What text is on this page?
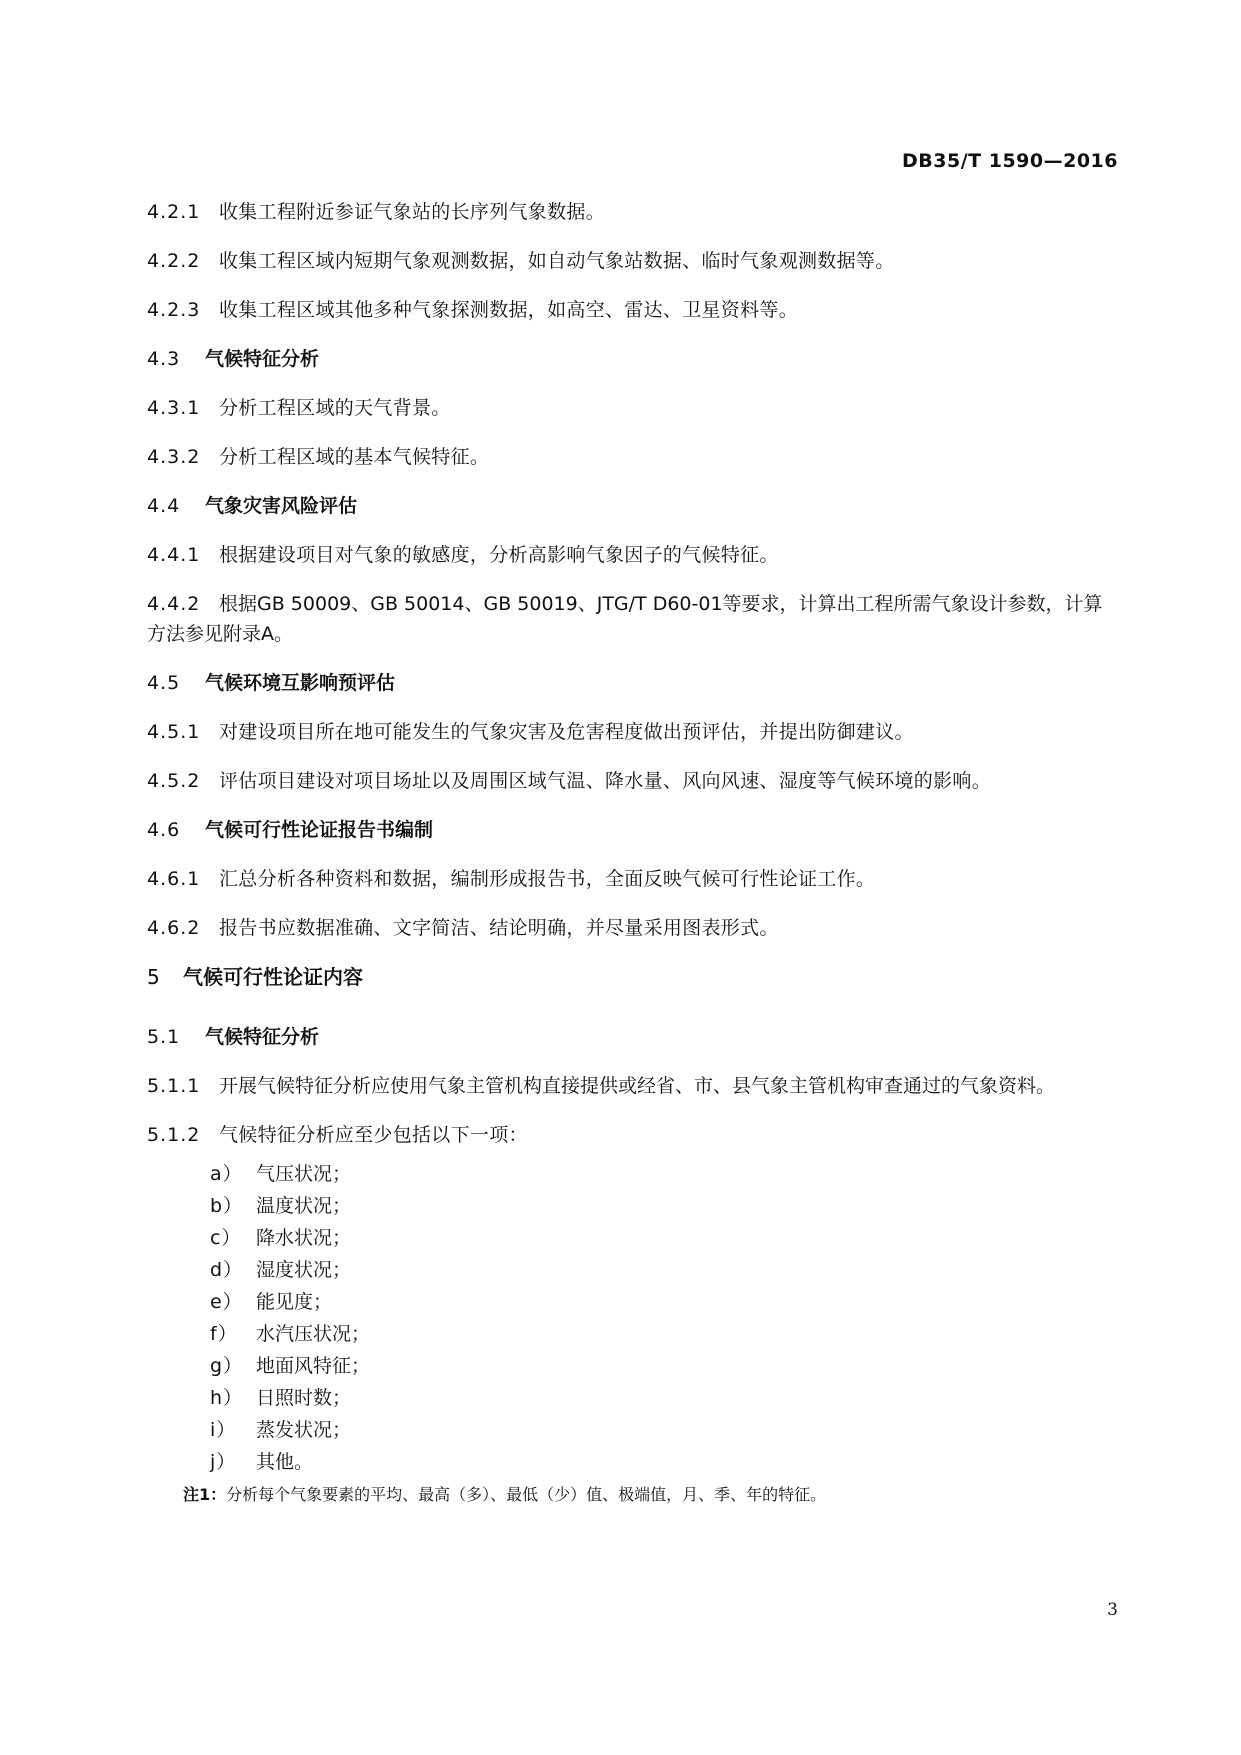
DB35/T 1590—2016
4.2.1 收集工程附近参证气象站的长序列气象数据。
4.2.2 收集工程区域内短期气象观测数据，如自动气象站数据、临时气象观测数据等。
4.2.3 收集工程区域其他多种气象探测数据，如高空、雷达、卫星资料等。
4.3 气候特征分析
4.3.1 分析工程区域的天气背景。
4.3.2 分析工程区域的基本气候特征。
4.4 气象灾害风险评估
4.4.1 根据建设项目对气象的敏感度，分析高影响气象因子的气候特征。
4.4.2 根据GB 50009、GB 50014、GB 50019、JTG/T D60-01等要求，计算出工程所需气象设计参数，计算方法参见附录A。
4.5 气候环境互影响预评估
4.5.1 对建设项目所在地可能发生的气象灾害及危害程度做出预评估，并提出防御建议。
4.5.2 评估项目建设对项目场址以及周围区域气温、降水量、风向风速、湿度等气候环境的影响。
4.6 气候可行性论证报告书编制
4.6.1 汇总分析各种资料和数据，编制形成报告书，全面反映气候可行性论证工作。
4.6.2 报告书应数据准确、文字简洁、结论明确，并尽量采用图表形式。
5 气候可行性论证内容
5.1 气候特征分析
5.1.1 开展气候特征分析应使用气象主管机构直接提供或经省、市、县气象主管机构审查通过的气象资料。
5.1.2 气候特征分析应至少包括以下一项：
a） 气压状况；
b） 温度状况；
c） 降水状况；
d） 湿度状况；
e） 能见度；
f） 水汽压状况；
g） 地面风特征；
h） 日照时数；
i） 蒸发状况；
j） 其他。
注1：分析每个气象要素的平均、最高（多）、最低（少）值、极端值，月、季、年的特征。
3
